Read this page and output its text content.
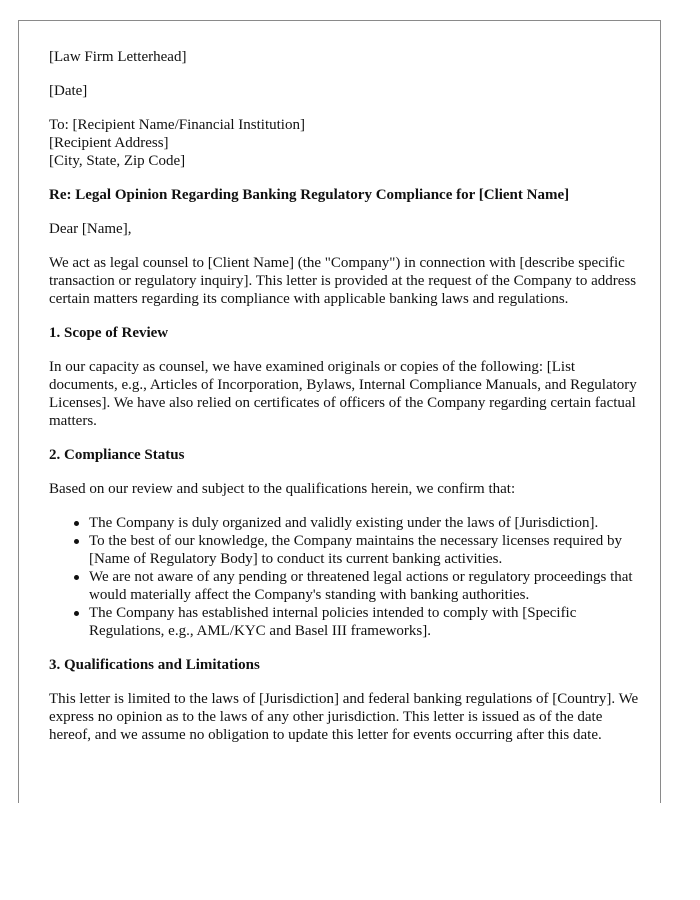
[Law Firm Letterhead]

[Date]

To: [Recipient Name/Financial Institution]

[Recipient Address]

[City, State, Zip Code]

Re: Legal Opinion Regarding Banking Regulatory Compliance for [Client Name]

Dear [Name],

We act as legal counsel to [Client Name] (the "Company") in connection with [describe specific transaction or regulatory inquiry]. This letter is provided at the request of the Company to address certain matters regarding its compliance with applicable banking laws and regulations.

1. Scope of Review

In our capacity as counsel, we have examined originals or copies of the following: [List documents, e.g., Articles of Incorporation, Bylaws, Internal Compliance Manuals, and Regulatory Licenses]. We have also relied on certificates of officers of the Company regarding certain factual matters.

2. Compliance Status

Based on our review and subject to the qualifications herein, we confirm that:

The Company is duly organized and validly existing under the laws of [Jurisdiction].
To the best of our knowledge, the Company maintains the necessary licenses required by [Name of Regulatory Body] to conduct its current banking activities.
We are not aware of any pending or threatened legal actions or regulatory proceedings that would materially affect the Company's standing with banking authorities.
The Company has established internal policies intended to comply with [Specific Regulations, e.g., AML/KYC and Basel III frameworks].

3. Qualifications and Limitations

This letter is limited to the laws of [Jurisdiction] and federal banking regulations of [Country]. We express no opinion as to the laws of any other jurisdiction. This letter is issued as of the date hereof, and we assume no obligation to update this letter for events occurring after this date.
